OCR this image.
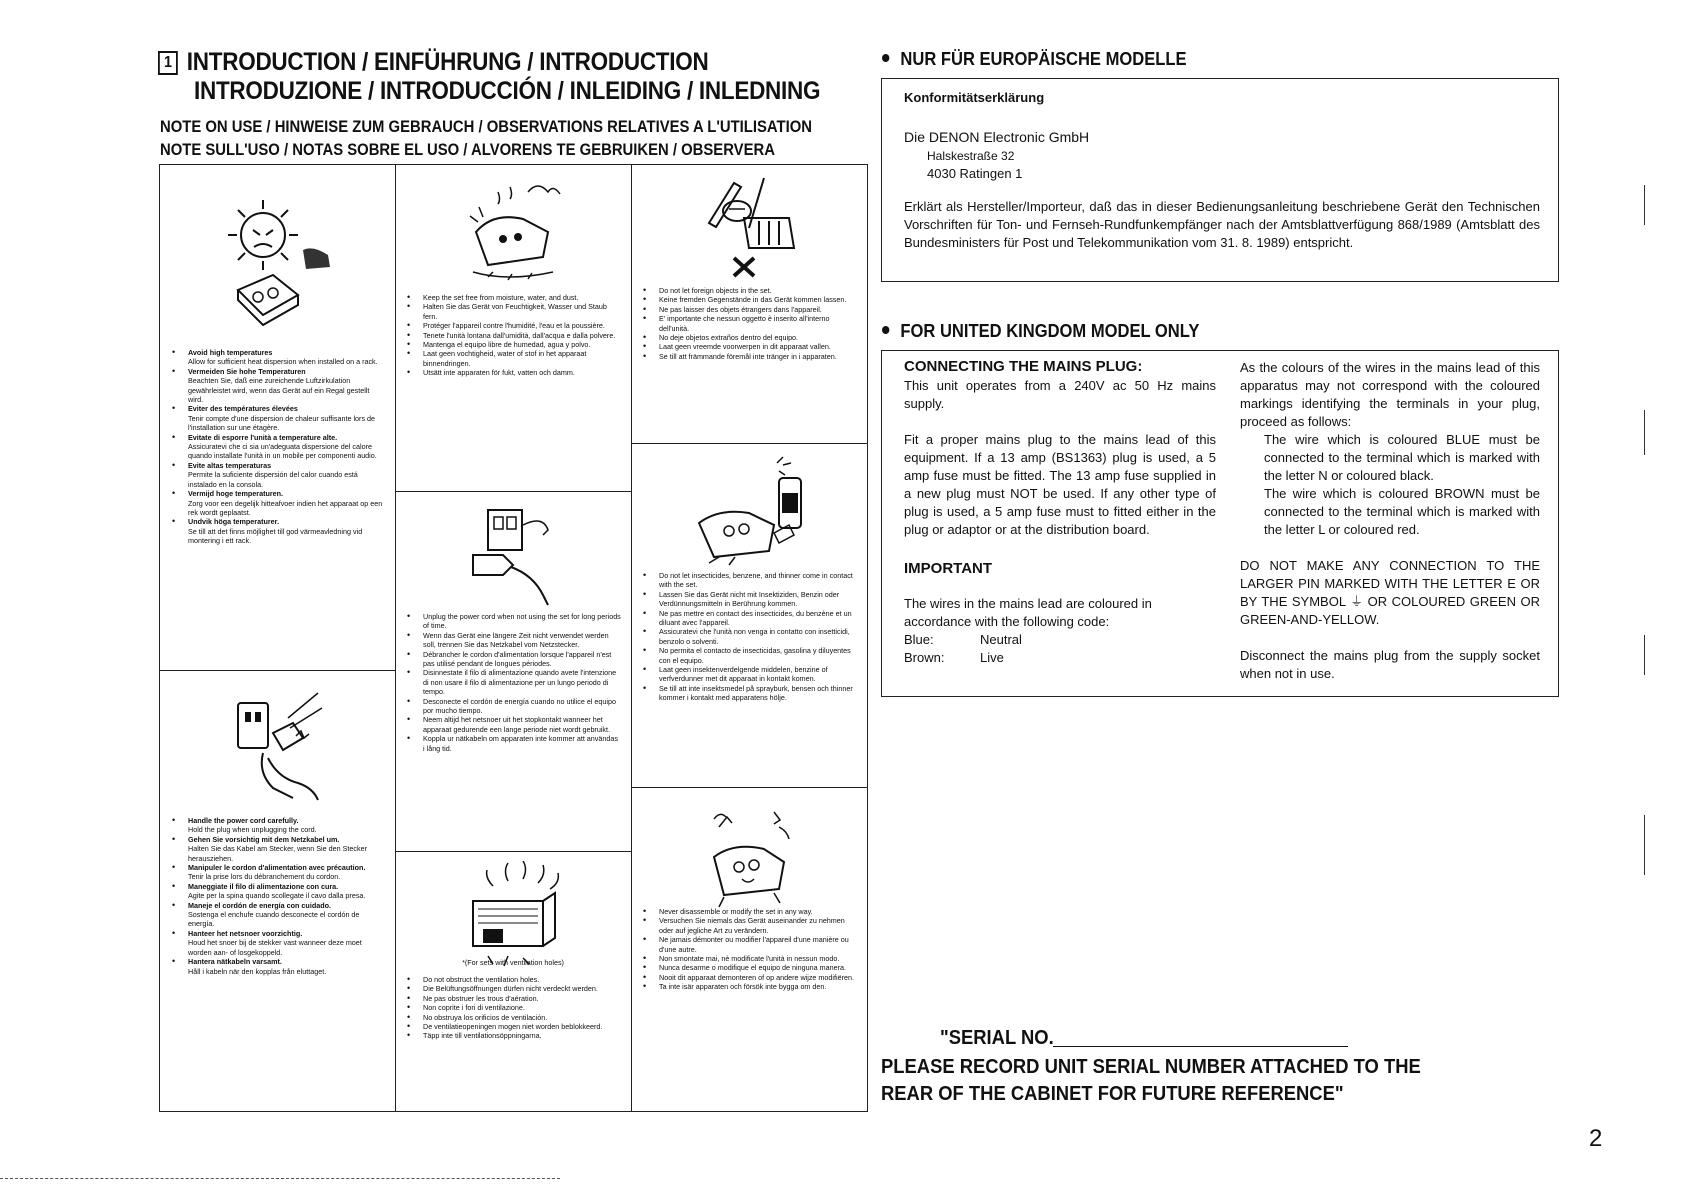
1 INTRODUCTION / EINFÜHRUNG / INTRODUCTION
INTRODUZIONE / INTRODUCCIÓN / INLEIDING / INLEDNING
NOTE ON USE / HINWEISE ZUM GEBRAUCH / OBSERVATIONS RELATIVES A L'UTILISATION
NOTE SULL'USO / NOTAS SOBRE EL USO / ALVORENS TE GEBRUIKEN / OBSERVERA
• Avoid high temperatures
Allow for sufficient heat dispersion when installed on a rack.
• Vermeiden Sie hohe Temperaturen
Beachten Sie, daß eine zureichende Luftzirkulation gewährleistet wird, wenn das Gerät auf ein Regal gestellt wird.
• Eviter des températures élevées
Tenir compte d'une dispersion de chaleur suffisante lors de l'installation sur une étagère.
• Evitate di esporre l'unità a temperature alte.
Assicuratevi che ci sia un'adeguata dispersione del calore quando installate l'unità in un mobile per componenti audio.
• Evite altas temperaturas
Permite la suficiente dispersión del calor cuando está instalado en la consola.
• Vermijd hoge temperaturen.
Zorg voor een degelijk hitteafvoer indien het apparaat op een rek wordt geplaatst.
• Undvik höga temperaturer.
Se till att det finns möjlighet till god värmeavledning vid montering i ett rack.
• Handle the power cord carefully.
Hold the plug when unplugging the cord.
• Gehen Sie vorsichtig mit dem Netzkabel um.
Halten Sie das Kabel am Stecker, wenn Sie den Stecker herausziehen.
• Manipuler le cordon d'alimentation avec précaution.
Tenir la prise lors du débranchement du cordon.
• Maneggiate il filo di alimentazione con cura.
Agite per la spina quando scollegate il cavo dalla presa.
• Maneje el cordón de energía con cuidado.
Sostenga el enchufe cuando desconecte el cordón de energía.
• Hanteer het netsnoer voorzichtig.
Houd het snoer bij de stekker vast wanneer deze moet worden aan- of losgekoppeld.
• Hantera nätkabeln varsamt.
Håll i kabeln när den kopplas från eluttaget.
• Keep the set free from moisture, water, and dust.
• Halten Sie das Gerät von Feuchtigkeit, Wasser und Staub fern.
• Protéger l'appareil contre l'humidité, l'eau et la poussière.
• Tenete l'unità lontana dall'umidità, dall'acqua e dalla polvere.
• Mantenga el equipo libre de humedad, agua y polvo.
• Laat geen vochtigheid, water of stof in het apparaat binnendringen.
• Utsätt inte apparaten för fukt, vatten och damm.
• Unplug the power cord when not using the set for long periods of time.
• Wenn das Gerät eine längere Zeit nicht verwendet werden soll, trennen Sie das Netzkabel vom Netzstecker.
• Débrancher le cordon d'alimentation lorsque l'appareil n'est pas utilisé pendant de longues périodes.
• Disinnestate il filo di alimentazione quando avete l'intenzione di non usare il filo di alimentazione per un lungo periodo di tempo.
• Desconecte el cordón de energía cuando no utilice el equipo por mucho tiempo.
• Neem altijd het netsnoer uit het stopkontakt wanneer het apparaat gedurende een lange periode niet wordt gebruikt.
• Koppla ur nätkabeln om apparaten inte kommer att användas i lång tid.
*(For sets with ventilation holes)
• Do not obstruct the ventilation holes.
• Die Belüftungsöffnungen dürfen nicht verdeckt werden.
• Ne pas obstruer les trous d'aération.
• Non coprite i fori di ventilazione.
• No obstruya los orificios de ventilación.
• De ventilatieopeningen mogen niet worden beblokkeerd.
• Täpp inte till ventilationsöppningarna.
• Do not let foreign objects in the set.
• Keine fremden Gegenstände in das Gerät kommen lassen.
• Ne pas laisser des objets étrangers dans l'appareil.
• E' importante che nessun oggetto è inserito all'interno dell'unità.
• No deje objetos extraños dentro del equipo.
• Laat geen vreemde voorwerpen in dit apparaat vallen.
• Se till att främmande föremål inte tränger in i apparaten.
• Do not let insecticides, benzene, and thinner come in contact with the set.
• Lassen Sie das Gerät nicht mit Insektiziden, Benzin oder Verdünnungsmitteln in Berührung kommen.
• Ne pas mettre en contact des insecticides, du benzène et un diluant avec l'appareil.
• Assicuratevi che l'unità non venga in contatto con insetticidi, benzolo o solventi.
• No permita el contacto de insecticidas, gasolina y diluyentes con el equipo.
• Laat geen insektenverdelgende middelen, benzine of verfverdunner met dit apparaat in kontakt komen.
• Se till att inte insektsmedel på sprayburk, bensen och thinner kommer i kontakt med apparatens hölje.
• Never disassemble or modify the set in any way.
• Versuchen Sie niemals das Gerät auseinander zu nehmen oder auf jegliche Art zu verändern.
• Ne jamais démonter ou modifier l'appareil d'une manière ou d'une autre.
• Non smontate mai, nè modificate l'unità in nessun modo.
• Nunca desarme o modifique el equipo de ninguna manera.
• Nooit dit apparaat demonteren of op andere wijze modifiëren.
• Ta inte isär apparaten och försök inte bygga om den.
NUR FÜR EUROPÄISCHE MODELLE
Konformitätserklärung
Die DENON Electronic GmbH
Halskestraße 32
4030 Ratingen 1
Erklärt als Hersteller/Importeur, daß das in dieser Bedienungsanleitung beschriebene Gerät den Technischen Vorschriften für Ton- und Fernseh-Rundfunkempfänger nach der Amtsblattverfügung 868/1989 (Amtsblatt des Bundesministers für Post und Telekommunikation vom 31. 8. 1989) entspricht.
FOR UNITED KINGDOM MODEL ONLY
CONNECTING THE MAINS PLUG:
This unit operates from a 240V ac 50 Hz mains supply.
Fit a proper mains plug to the mains lead of this equipment. If a 13 amp (BS1363) plug is used, a 5 amp fuse must be fitted. The 13 amp fuse supplied in a new plug must NOT be used. If any other type of plug is used, a 5 amp fuse must to fitted either in the plug or adaptor or at the distribution board.
IMPORTANT
The wires in the mains lead are coloured in accordance with the following code:
Blue:	Neutral
Brown:	Live
As the colours of the wires in the mains lead of this apparatus may not correspond with the coloured markings identifying the terminals in your plug, proceed as follows:
The wire which is coloured BLUE must be connected to the terminal which is marked with the letter N or coloured black.
The wire which is coloured BROWN must be connected to the terminal which is marked with the letter L or coloured red.
DO NOT MAKE ANY CONNECTION TO THE LARGER PIN MARKED WITH THE LETTER E OR BY THE SYMBOL ⏚ OR COLOURED GREEN OR GREEN-AND-YELLOW.
Disconnect the mains plug from the supply socket when not in use.
"SERIAL NO.
PLEASE RECORD UNIT SERIAL NUMBER ATTACHED TO THE
REAR OF THE CABINET FOR FUTURE REFERENCE"
2
